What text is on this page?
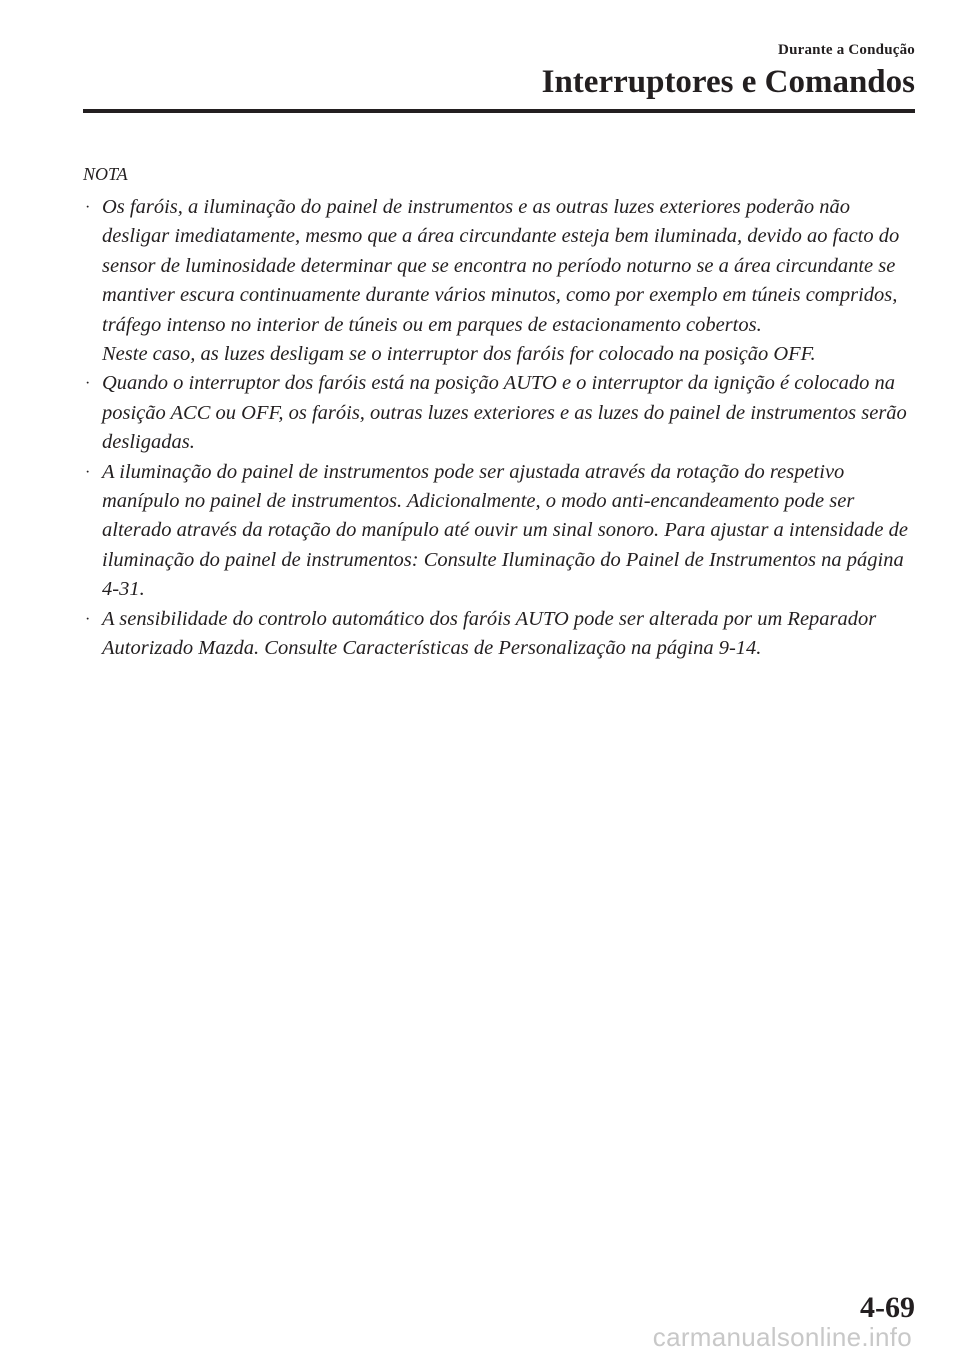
Durante a Condução
Interruptores e Comandos
NOTA
· Os faróis, a iluminação do painel de instrumentos e as outras luzes exteriores poderão não desligar imediatamente, mesmo que a área circundante esteja bem iluminada, devido ao facto do sensor de luminosidade determinar que se encontra no período noturno se a área circundante se mantiver escura continuamente durante vários minutos, como por exemplo em túneis compridos, tráfego intenso no interior de túneis ou em parques de estacionamento cobertos.
Neste caso, as luzes desligam se o interruptor dos faróis for colocado na posição OFF.
· Quando o interruptor dos faróis está na posição AUTO e o interruptor da ignição é colocado na posição ACC ou OFF, os faróis, outras luzes exteriores e as luzes do painel de instrumentos serão desligadas.
· A iluminação do painel de instrumentos pode ser ajustada através da rotação do respetivo manípulo no painel de instrumentos. Adicionalmente, o modo anti-encandeamento pode ser alterado através da rotação do manípulo até ouvir um sinal sonoro. Para ajustar a intensidade de iluminação do painel de instrumentos: Consulte Iluminação do Painel de Instrumentos na página 4-31.
· A sensibilidade do controlo automático dos faróis AUTO pode ser alterada por um Reparador Autorizado Mazda. Consulte Características de Personalização na página 9-14.
4-69
carmanualsonline.info
